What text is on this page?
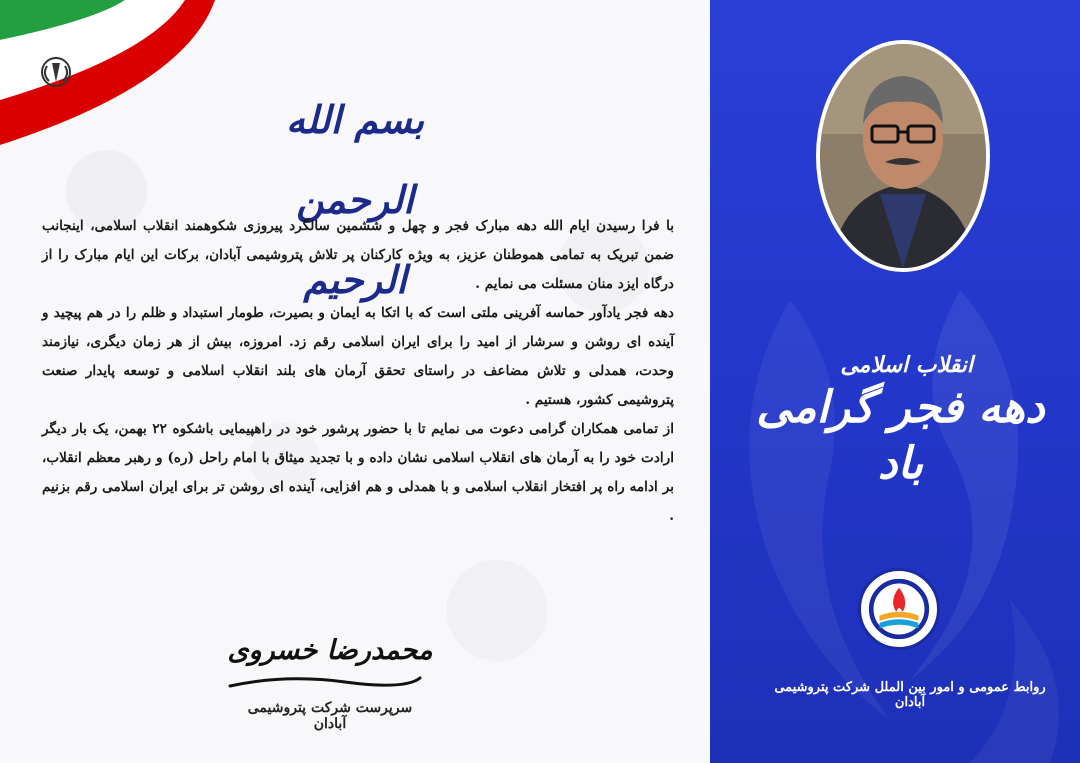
بسم الله الرحمن الرحیم

با فرا رسیدن ایام الله دهه مبارک فجر و چهل و ششمین سالگرد پیروزی شکوهمند انقلاب اسلامی، اینجانب ضمن تبریک به تمامی هموطنان عزیز، به ویژه کارکنان پر تلاش پتروشیمی آبادان، برکات این ایام مبارک را از درگاه ایزد منان مسئلت می نمایم .

دهه فجر یادآور حماسه آفرینی ملتی است که با اتکا به ایمان و بصیرت، طومار استبداد و ظلم را در هم پیچید و آینده ای روشن و سرشار از امید را برای ایران اسلامی رقم زد. امروزه، بیش از هر زمان دیگری، نیازمند وحدت، همدلی و تلاش مضاعف در راستای تحقق آرمان های بلند انقلاب اسلامی و توسعه پایدار صنعت پتروشیمی کشور، هستیم .

از تمامی همکاران گرامی دعوت می نمایم تا با حضور پرشور خود در راهپیمایی باشکوه ۲۲ بهمن، یک بار دیگر ارادت خود را به آرمان های انقلاب اسلامی نشان داده و با تجدید میثاق با امام راحل (ره) و رهبر معظم انقلاب، بر ادامه راه پر افتخار انقلاب اسلامی و با همدلی و هم افزایی، آینده ای روشن تر برای ایران اسلامی رقم بزنیم .

محمدرضا خسروی
سرپرست شرکت پتروشیمی آبادان
انقلاب اسلامی
دهه فجر گرامی باد
روابط عمومی و امور بین الملل شرکت پتروشیمی آبادان
